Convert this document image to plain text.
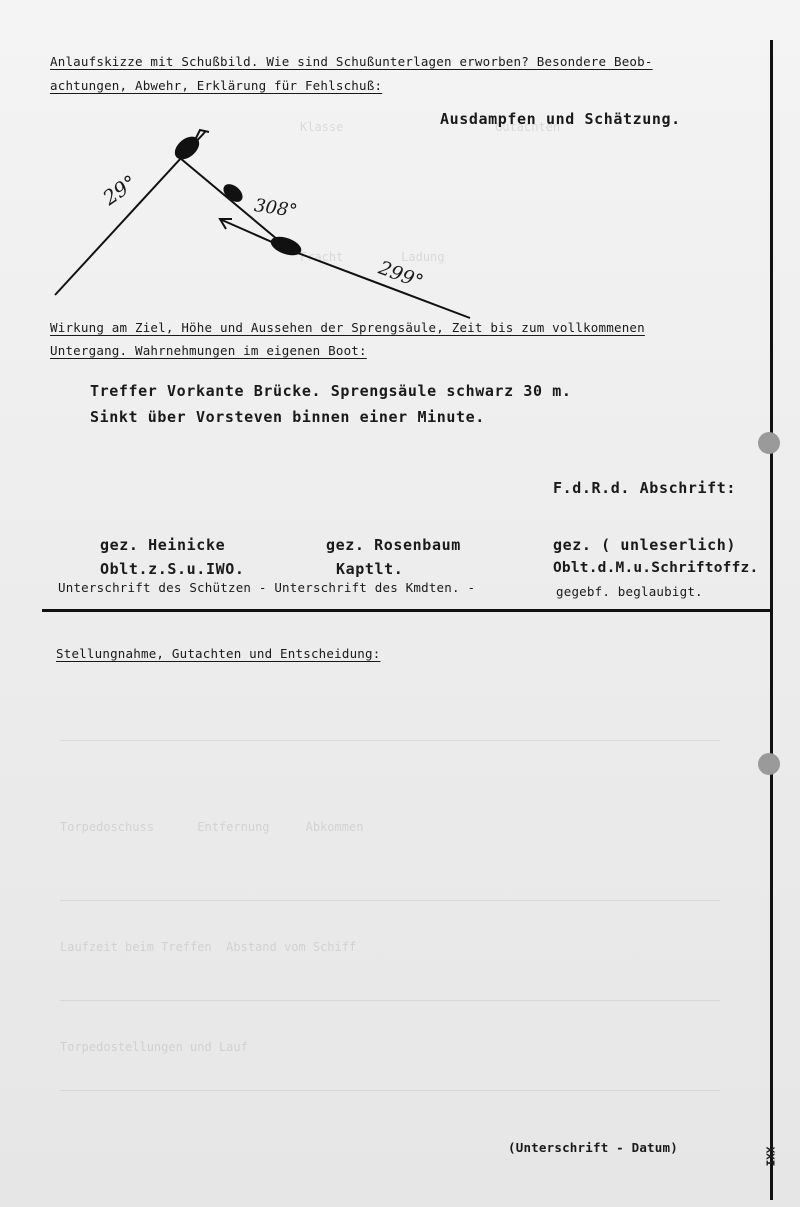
Klasse                     Gutachten
Fracht        Ladung
Torpedoschuss      Entfernung     Abkommen
Laufzeit beim Treffen  Abstand vom Schiff
Torpedostellungen und Lauf
Anlaufskizze mit Schußbild. Wie sind Schußunterlagen erworben? Besondere Beob-
achtungen, Abwehr, Erklärung für Fehlschuß:
29°	308°
299°
Ausdampfen und Schätzung.
Wirkung am Ziel, Höhe und Aussehen der Sprengsäule, Zeit bis zum vollkommenen
Untergang. Wahrnehmungen im eigenen Boot:
Treffer Vorkante Brücke. Sprengsäule schwarz 30 m.
Sinkt über Vorsteven binnen einer Minute.
F.d.R.d. Abschrift:
gez. Heinicke
Oblt.z.S.u.IWO.
gez. Rosenbaum
Kaptlt.
gez. ( unleserlich)
Oblt.d.M.u.Schriftoffz.
Unterschrift des Schützen - Unterschrift des Kmdten. -	gegebf. beglaubigt.
Stellungnahme, Gutachten und Entscheidung:
(Unterschrift - Datum)	XXI
